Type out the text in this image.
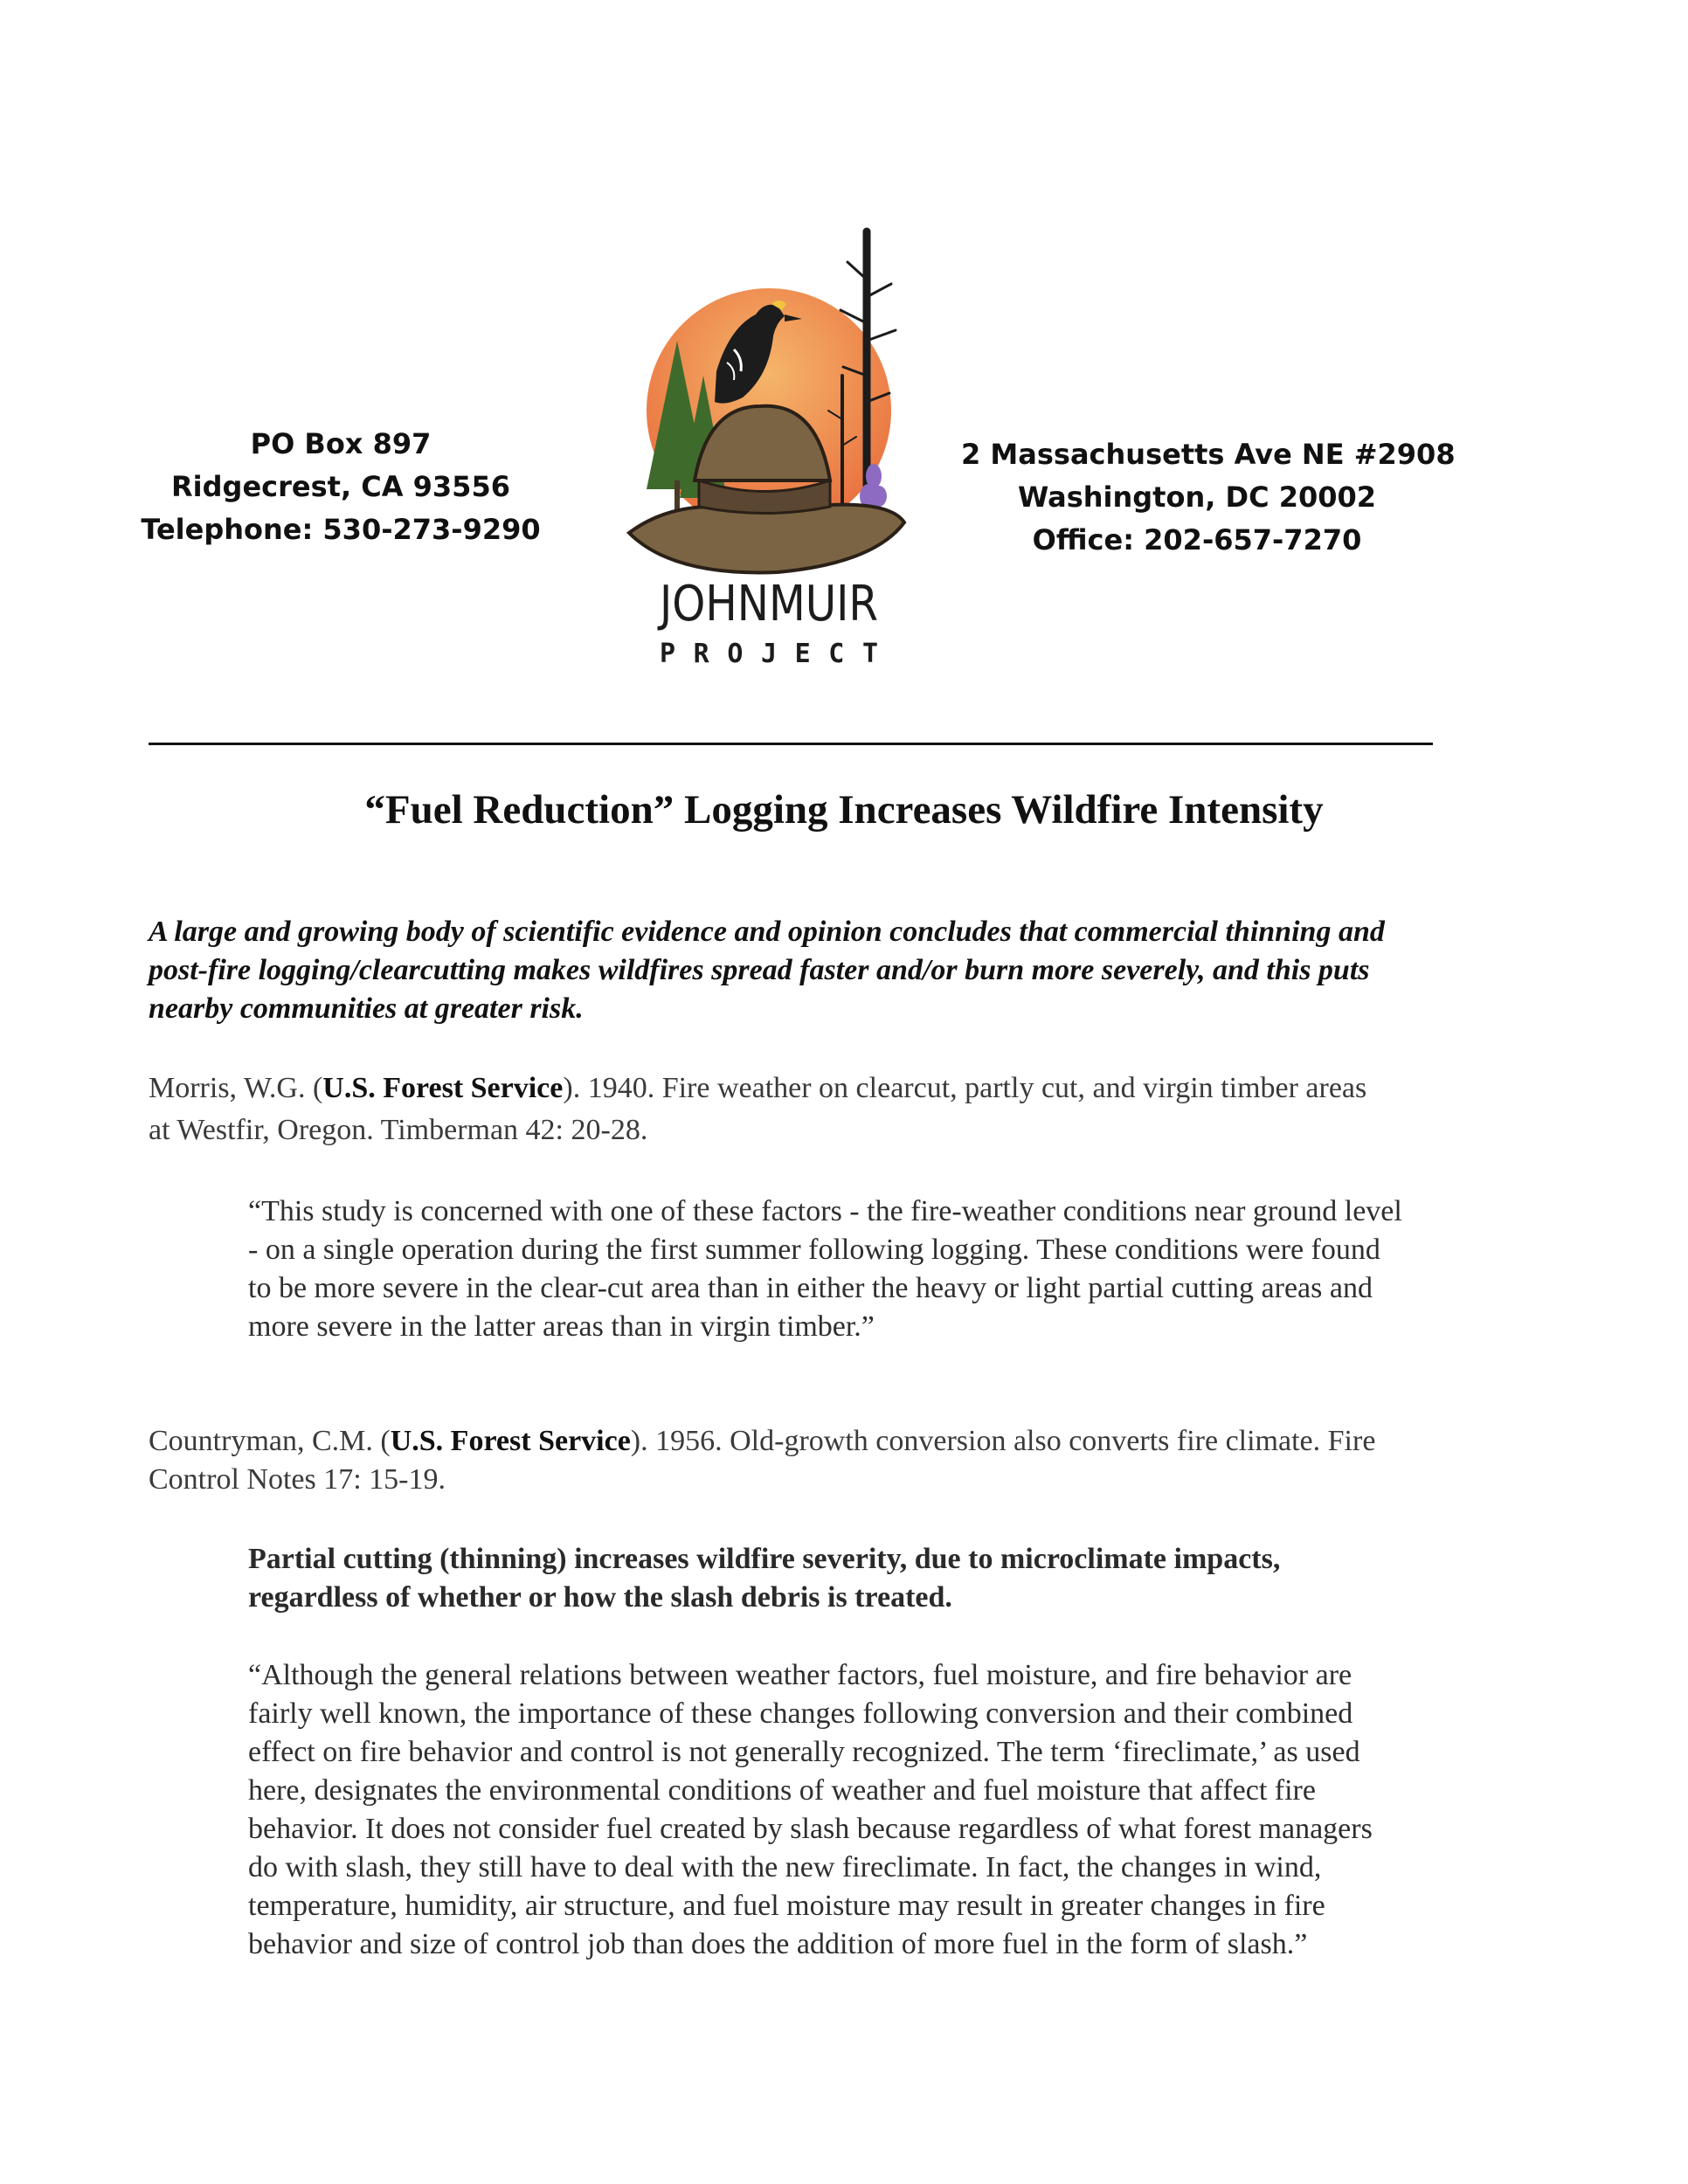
PO Box 897
Ridgecrest, CA 93556
Telephone: 530-273-9290
JOHNMUIR
PROJECT
2 Massachusetts Ave NE #2908
Washington, DC 20002
Office: 202-657-7270
“Fuel Reduction” Logging Increases Wildfire Intensity
A large and growing body of scientific evidence and opinion concludes that commercial thinning and
post-fire logging/clearcutting makes wildfires spread faster and/or burn more severely, and this puts
nearby communities at greater risk.
Morris, W.G. (U.S. Forest Service). 1940. Fire weather on clearcut, partly cut, and virgin timber areas
at Westfir, Oregon. Timberman 42: 20-28.
“This study is concerned with one of these factors - the fire-weather conditions near ground level
- on a single operation during the first summer following logging. These conditions were found
to be more severe in the clear-cut area than in either the heavy or light partial cutting areas and
more severe in the latter areas than in virgin timber.”
Countryman, C.M. (U.S. Forest Service). 1956. Old-growth conversion also converts fire climate. Fire
Control Notes 17: 15-19.
Partial cutting (thinning) increases wildfire severity, due to microclimate impacts,
regardless of whether or how the slash debris is treated.
“Although the general relations between weather factors, fuel moisture, and fire behavior are
fairly well known, the importance of these changes following conversion and their combined
effect on fire behavior and control is not generally recognized. The term ‘fireclimate,’ as used
here, designates the environmental conditions of weather and fuel moisture that affect fire
behavior. It does not consider fuel created by slash because regardless of what forest managers
do with slash, they still have to deal with the new fireclimate. In fact, the changes in wind,
temperature, humidity, air structure, and fuel moisture may result in greater changes in fire
behavior and size of control job than does the addition of more fuel in the form of slash.”
